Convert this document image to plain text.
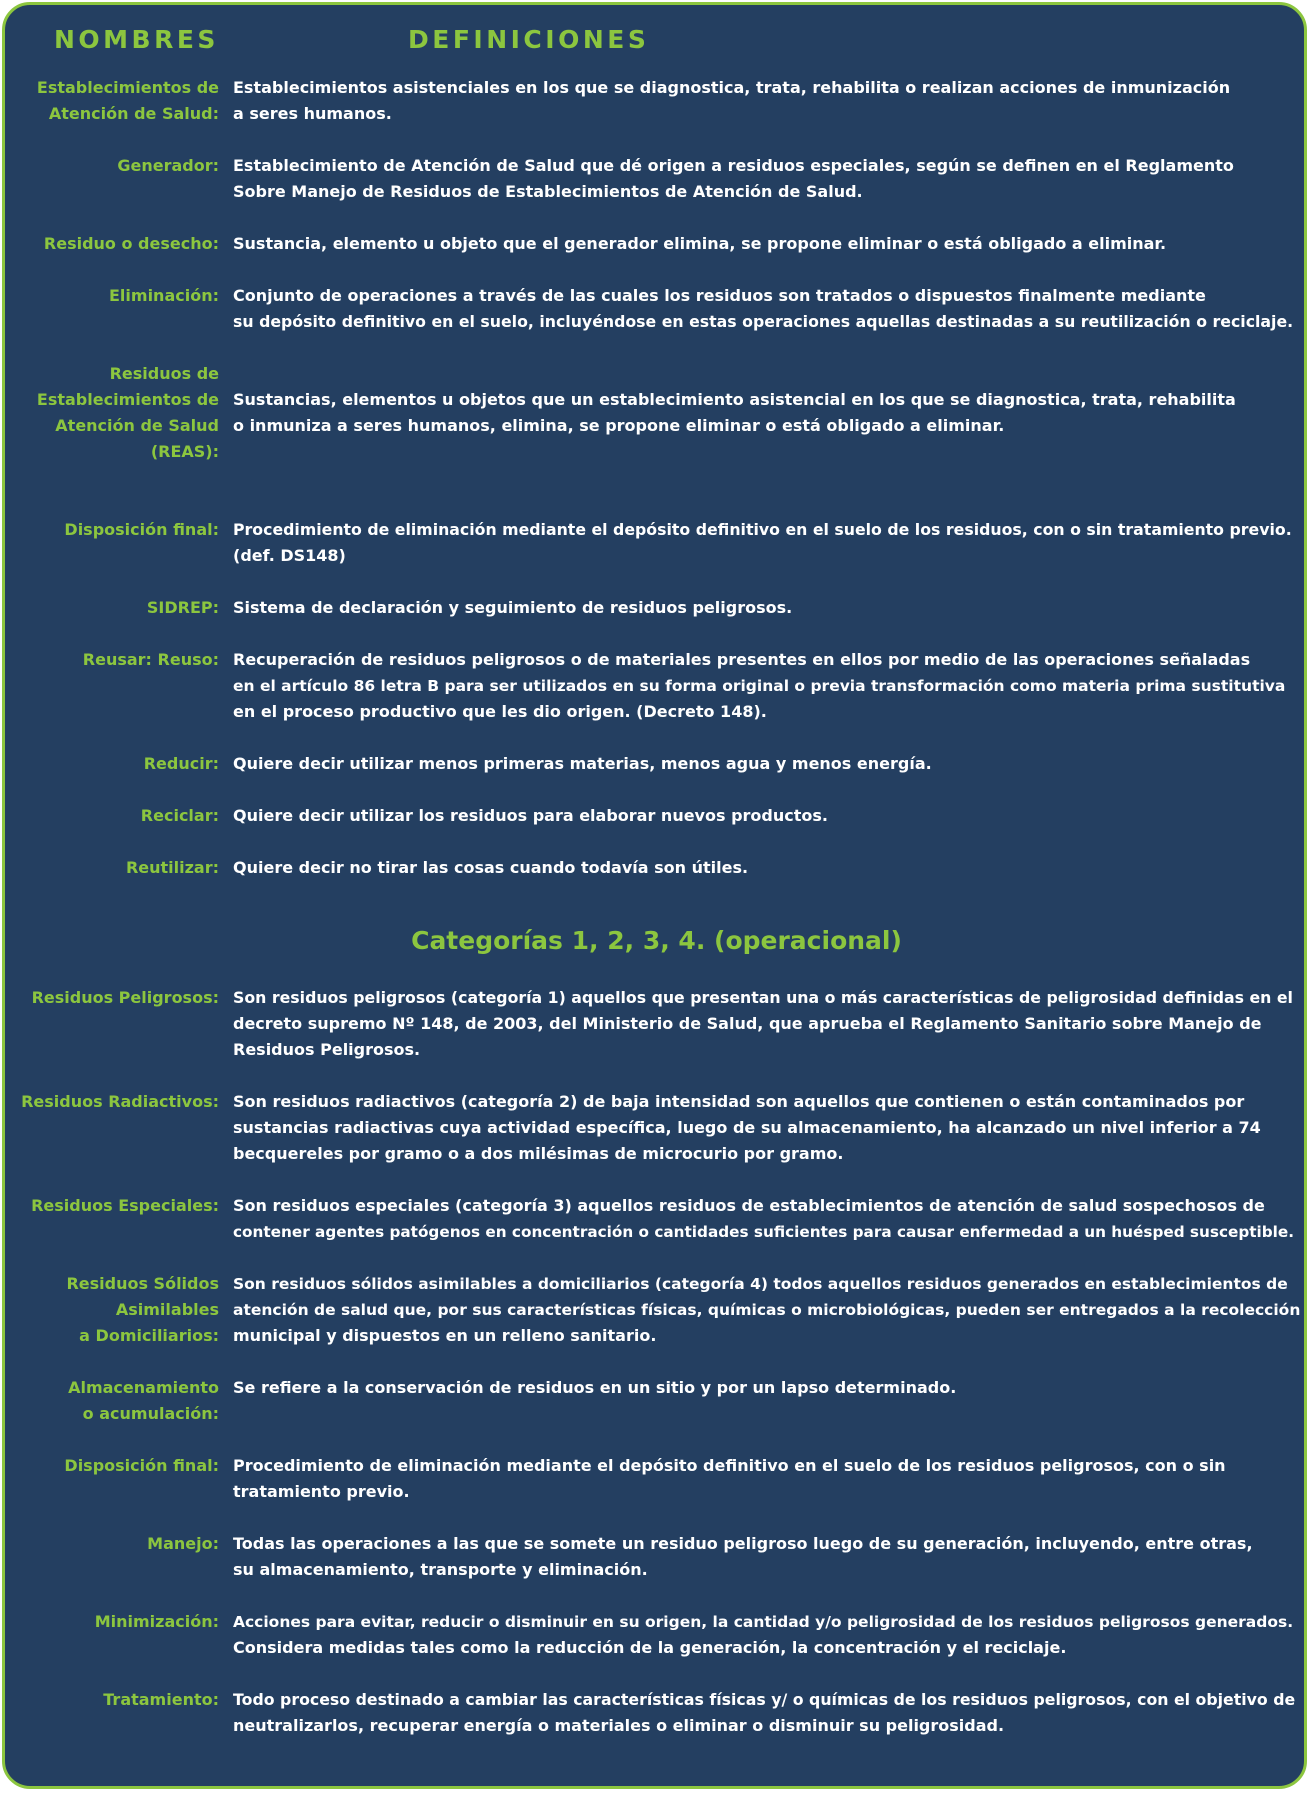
NOMBRES	DEFINICIONES
Establecimientos de
Atención de Salud:
Establecimientos asistenciales en los que se diagnostica, trata, rehabilita o realizan acciones de inmunización
a seres humanos.
Generador: Establecimiento de Atención de Salud que dé origen a residuos especiales, según se definen en el Reglamento
Sobre Manejo de Residuos de Establecimientos de Atención de Salud.
Residuo o desecho: Sustancia, elemento u objeto que el generador elimina, se propone eliminar o está obligado a eliminar.
Eliminación: Conjunto de operaciones a través de las cuales los residuos son tratados o dispuestos finalmente mediante
su depósito definitivo en el suelo, incluyéndose en estas operaciones aquellas destinadas a su reutilización o reciclaje.
Residuos de
Establecimientos de
Atención de Salud
(REAS):
Sustancias, elementos u objetos que un establecimiento asistencial en los que se diagnostica, trata, rehabilita
o inmuniza a seres humanos, elimina, se propone eliminar o está obligado a eliminar.
Disposición final: Procedimiento de eliminación mediante el depósito definitivo en el suelo de los residuos, con o sin tratamiento previo.
(def. DS148)
SIDREP: Sistema de declaración y seguimiento de residuos peligrosos.
Reusar: Reuso: Recuperación de residuos peligrosos o de materiales presentes en ellos por medio de las operaciones señaladas
en el artículo 86 letra B para ser utilizados en su forma original o previa transformación como materia prima sustitutiva
en el proceso productivo que les dio origen. (Decreto 148).
Reducir: Quiere decir utilizar menos primeras materias, menos agua y menos energía.
Reciclar: Quiere decir utilizar los residuos para elaborar nuevos productos.
Reutilizar: Quiere decir no tirar las cosas cuando todavía son útiles.
Categorías 1, 2, 3, 4. (operacional)
Residuos Peligrosos: Son residuos peligrosos (categoría 1) aquellos que presentan una o más características de peligrosidad definidas en el
decreto supremo Nº 148, de 2003, del Ministerio de Salud, que aprueba el Reglamento Sanitario sobre Manejo de
Residuos Peligrosos.
Residuos Radiactivos: Son residuos radiactivos (categoría 2) de baja intensidad son aquellos que contienen o están contaminados por
sustancias radiactivas cuya actividad específica, luego de su almacenamiento, ha alcanzado un nivel inferior a 74
becquereles por gramo o a dos milésimas de microcurio por gramo.
Residuos Especiales: Son residuos especiales (categoría 3) aquellos residuos de establecimientos de atención de salud sospechosos de
contener agentes patógenos en concentración o cantidades suficientes para causar enfermedad a un huésped susceptible.
Residuos Sólidos
Asimilables
a Domiciliarios:
Son residuos sólidos asimilables a domiciliarios (categoría 4) todos aquellos residuos generados en establecimientos de
atención de salud que, por sus características físicas, químicas o microbiológicas, pueden ser entregados a la recolección
municipal y dispuestos en un relleno sanitario.
Almacenamiento
o acumulación:
Se refiere a la conservación de residuos en un sitio y por un lapso determinado.
Disposición final: Procedimiento de eliminación mediante el depósito definitivo en el suelo de los residuos peligrosos, con o sin
tratamiento previo.
Manejo: Todas las operaciones a las que se somete un residuo peligroso luego de su generación, incluyendo, entre otras,
su almacenamiento, transporte y eliminación.
Minimización: Acciones para evitar, reducir o disminuir en su origen, la cantidad y/o peligrosidad de los residuos peligrosos generados.
Considera medidas tales como la reducción de la generación, la concentración y el reciclaje.
Tratamiento: Todo proceso destinado a cambiar las características físicas y/ o químicas de los residuos peligrosos, con el objetivo de
neutralizarlos, recuperar energía o materiales o eliminar o disminuir su peligrosidad.
